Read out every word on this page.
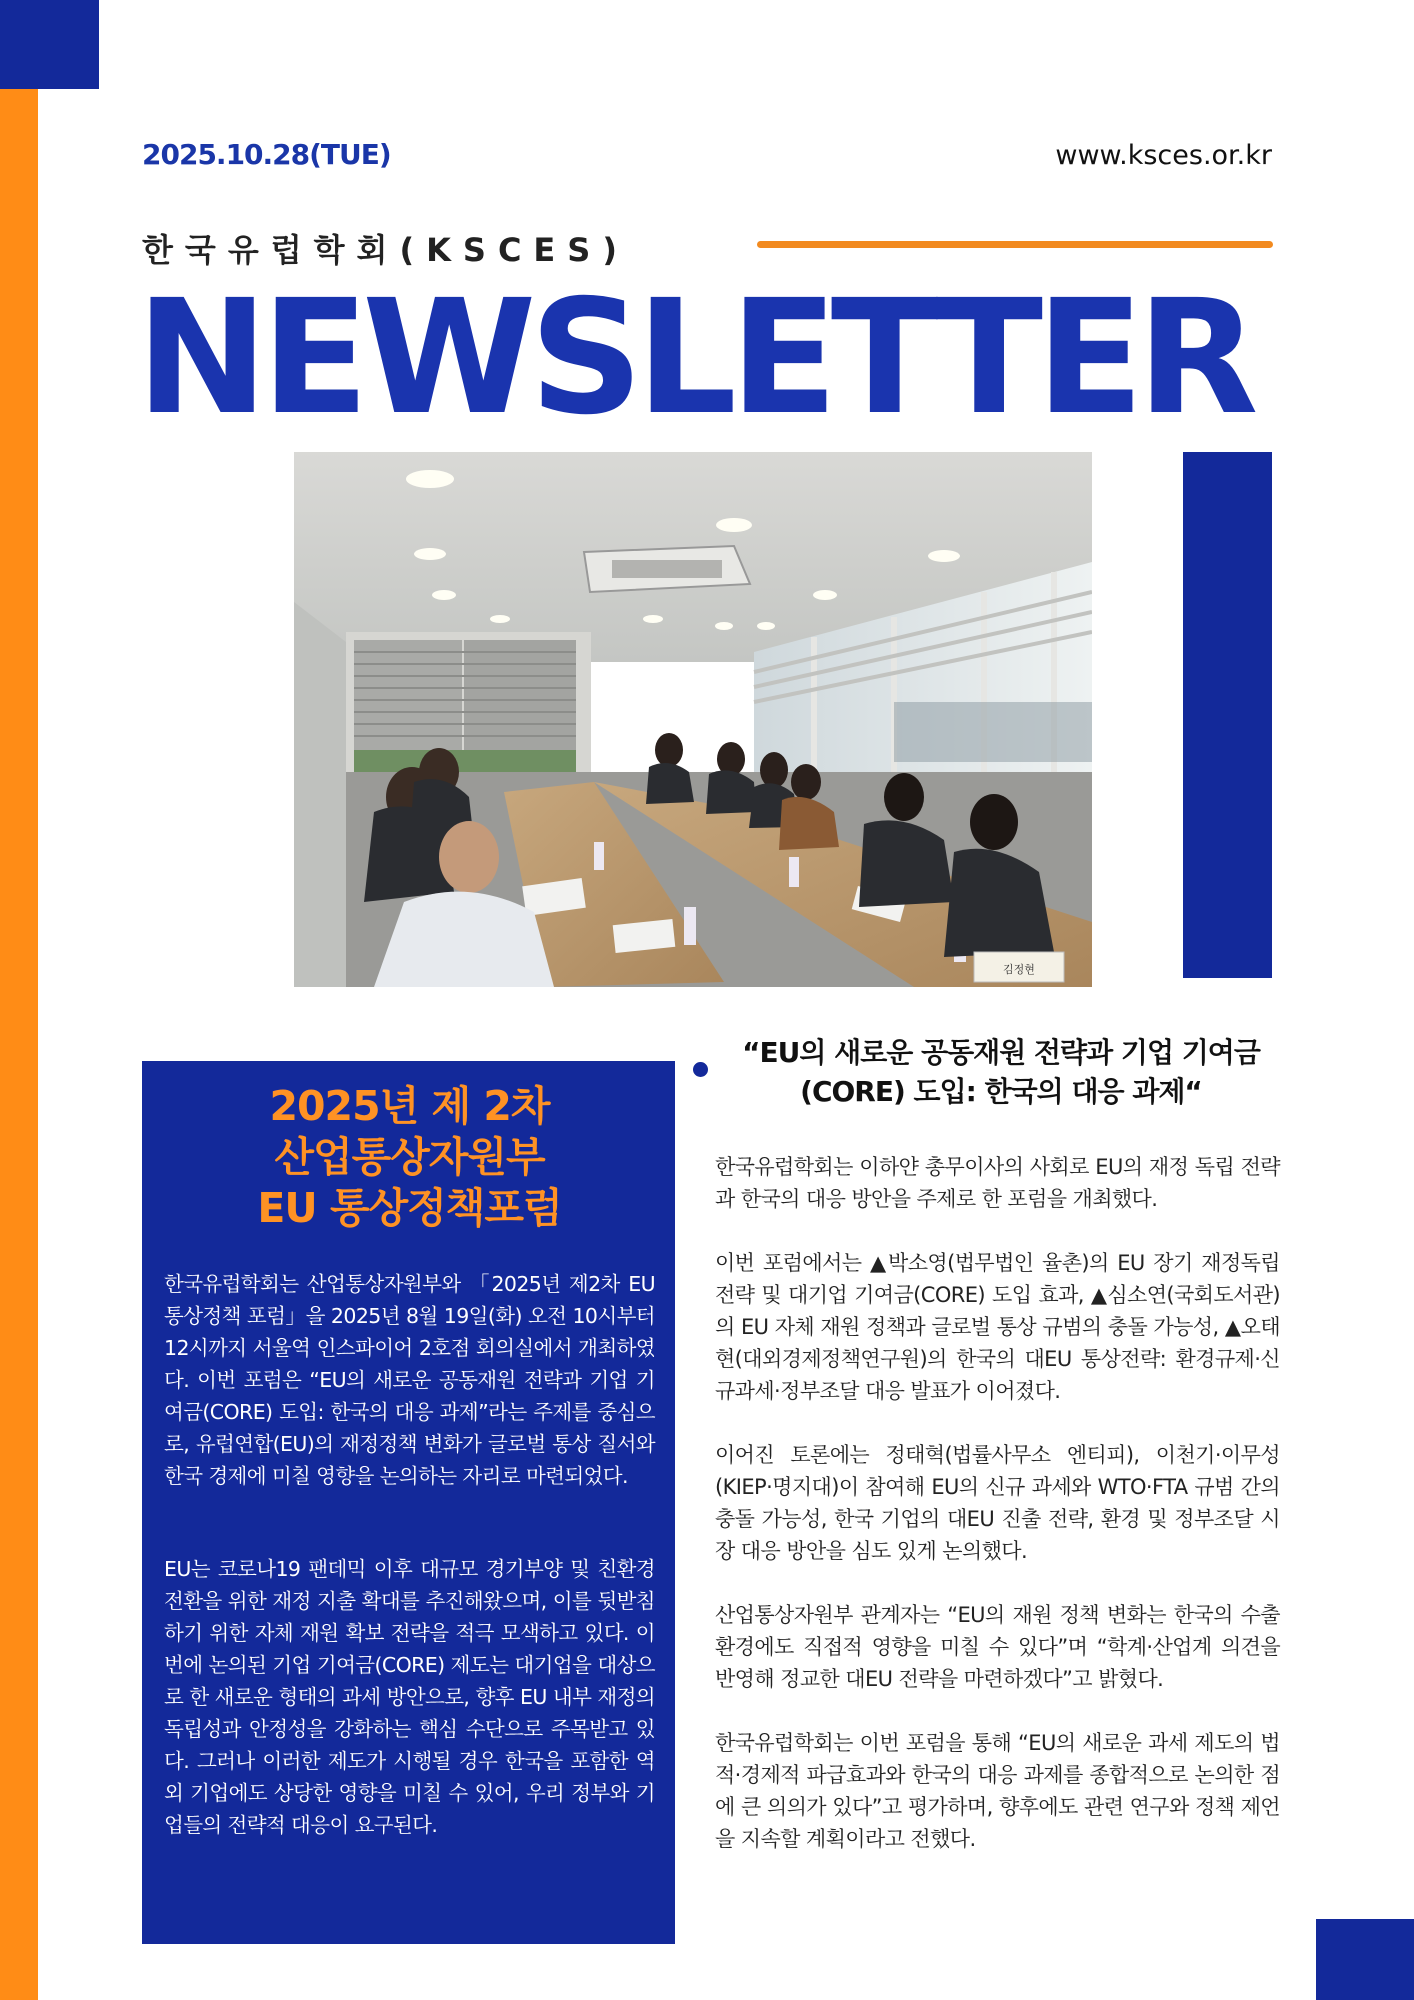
2025.10.28(TUE)	www.ksces.or.kr
한국유럽학회(KSCES)
NEWSLETTER
김정현
2025년 제 2차
산업통상자원부
EU 통상정책포럼

한국유럽학회는 산업통상자원부와 「2025년 제2차 EU통상정책 포럼」을 2025년 8월 19일(화) 오전 10시부터 12시까지 서울역 인스파이어 2호점 회의실에서 개최하였다. 이번 포럼은 “EU의 새로운 공동재원 전략과 기업 기여금(CORE) 도입: 한국의 대응 과제”라는 주제를 중심으로, 유럽연합(EU)의 재정정책 변화가 글로벌 통상 질서와 한국 경제에 미칠 영향을 논의하는 자리로 마련되었다.

EU는 코로나19 팬데믹 이후 대규모 경기부양 및 친환경 전환을 위한 재정 지출 확대를 추진해왔으며, 이를 뒷받침하기 위한 자체 재원 확보 전략을 적극 모색하고 있다. 이번에 논의된 기업 기여금(CORE) 제도는 대기업을 대상으로 한 새로운 형태의 과세 방안으로, 향후 EU 내부 재정의 독립성과 안정성을 강화하는 핵심 수단으로 주목받고 있다. 그러나 이러한 제도가 시행될 경우 한국을 포함한 역외 기업에도 상당한 영향을 미칠 수 있어, 우리 정부와 기업들의 전략적 대응이 요구된다.

“EU의 새로운 공동재원 전략과 기업 기여금
(CORE) 도입: 한국의 대응 과제“

한국유럽학회는 이하얀 총무이사의 사회로 EU의 재정 독립 전략과 한국의 대응 방안을 주제로 한 포럼을 개최했다.

이번 포럼에서는 ▲박소영(법무법인 율촌)의 EU 장기 재정독립 전략 및 대기업 기여금(CORE) 도입 효과, ▲심소연(국회도서관)의 EU 자체 재원 정책과 글로벌 통상 규범의 충돌 가능성, ▲오태현(대외경제정책연구원)의 한국의 대EU 통상전략: 환경규제·신규과세·정부조달 대응 발표가 이어졌다.

이어진 토론에는 정태혁(법률사무소 엔티피), 이천기·이무성(KIEP·명지대)이 참여해 EU의 신규 과세와 WTO·FTA 규범 간의 충돌 가능성, 한국 기업의 대EU 진출 전략, 환경 및 정부조달 시장 대응 방안을 심도 있게 논의했다.

산업통상자원부 관계자는 “EU의 재원 정책 변화는 한국의 수출 환경에도 직접적 영향을 미칠 수 있다”며 “학계·산업계 의견을 반영해 정교한 대EU 전략을 마련하겠다”고 밝혔다.

한국유럽학회는 이번 포럼을 통해 “EU의 새로운 과세 제도의 법적·경제적 파급효과와 한국의 대응 과제를 종합적으로 논의한 점에 큰 의의가 있다”고 평가하며, 향후에도 관련 연구와 정책 제언을 지속할 계획이라고 전했다.
